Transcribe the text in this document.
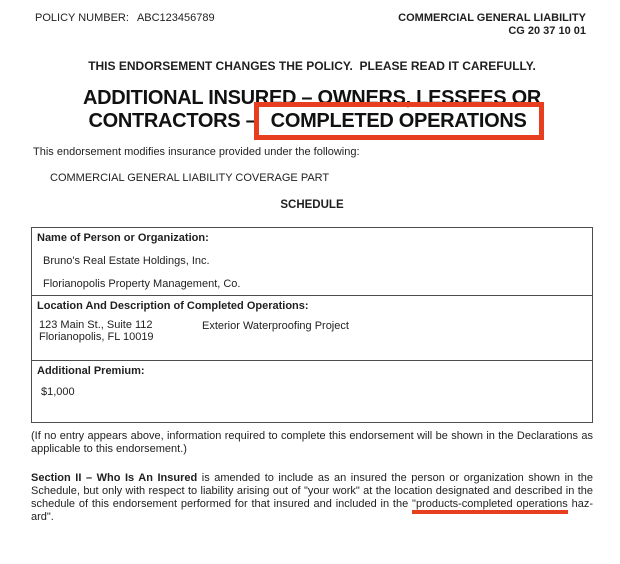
POLICY NUMBER: ABC123456789	COMMERCIAL GENERAL LIABILITY
CG 20 37 10 01
THIS ENDORSEMENT CHANGES THE POLICY.  PLEASE READ IT CAREFULLY.
ADDITIONAL INSURED – OWNERS, LESSEES OR
CONTRACTORS – COMPLETED OPERATIONS
This endorsement modifies insurance provided under the following:
COMMERCIAL GENERAL LIABILITY COVERAGE PART
SCHEDULE
Name of Person or Organization:
Bruno's Real Estate Holdings, Inc.
Florianopolis Property Management, Co.
Location And Description of Completed Operations:
123 Main St., Suite 112
Florianopolis, FL 10019
Exterior Waterproofing Project
Additional Premium:
$1,000
(If no entry appears above, information required to complete this endorsement will be shown in the Declarations as
applicable to this endorsement.)
Section II – Who Is An Insured is amended to include as an insured the person or organization shown in the
Schedule, but only with respect to liability arising out of "your work" at the location designated and described in the
schedule of this endorsement performed for that insured and included in the "products-completed operations haz-
ard".
